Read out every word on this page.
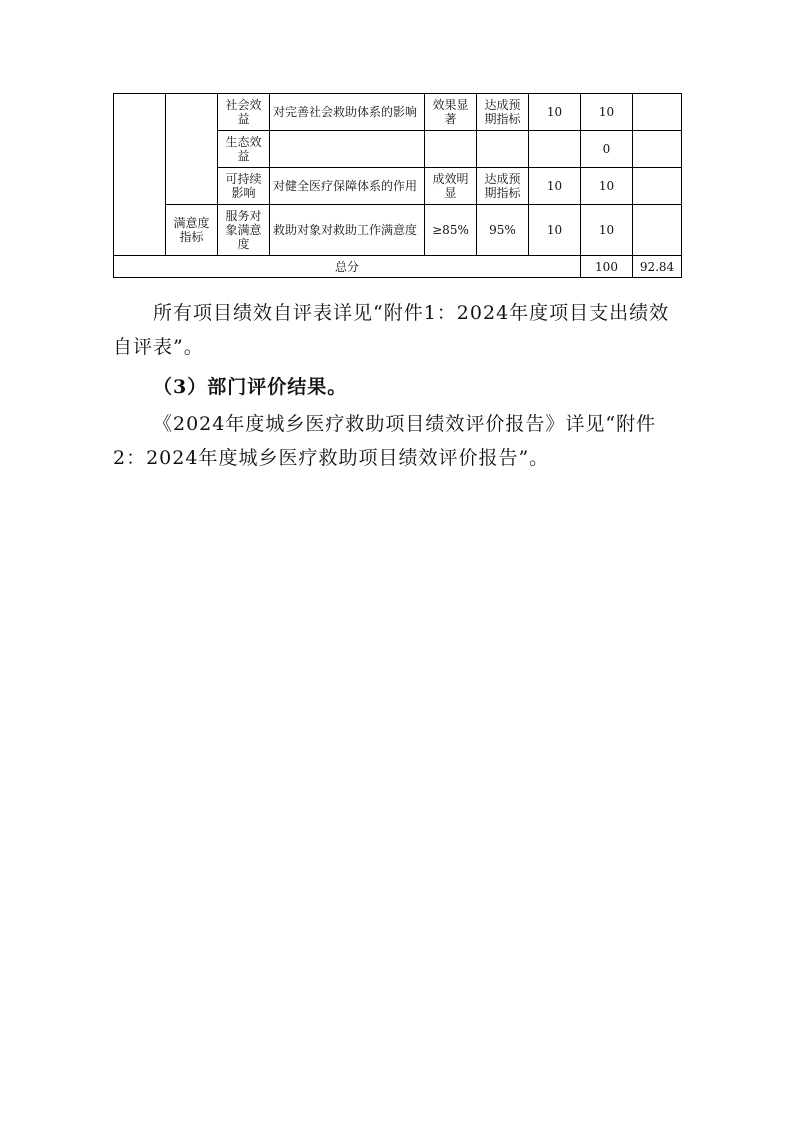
		社会效益	对完善社会救助体系的影响	效果显著	达成预期指标	10	10		
		生态效益					0		
		可持续影响	对健全医疗保障体系的作用	成效明显	达成预期指标	10	10		
	满意度指标	服务对象满意度	救助对象对救助工作满意度	≥85%	95%	10	10		
总分							100	92.84	

所有项目绩效自评表详见“附件1：2024年度项目支出绩效自评表”。

（3）部门评价结果。

《2024年度城乡医疗救助项目绩效评价报告》详见“附件2：2024年度城乡医疗救助项目绩效评价报告”。
